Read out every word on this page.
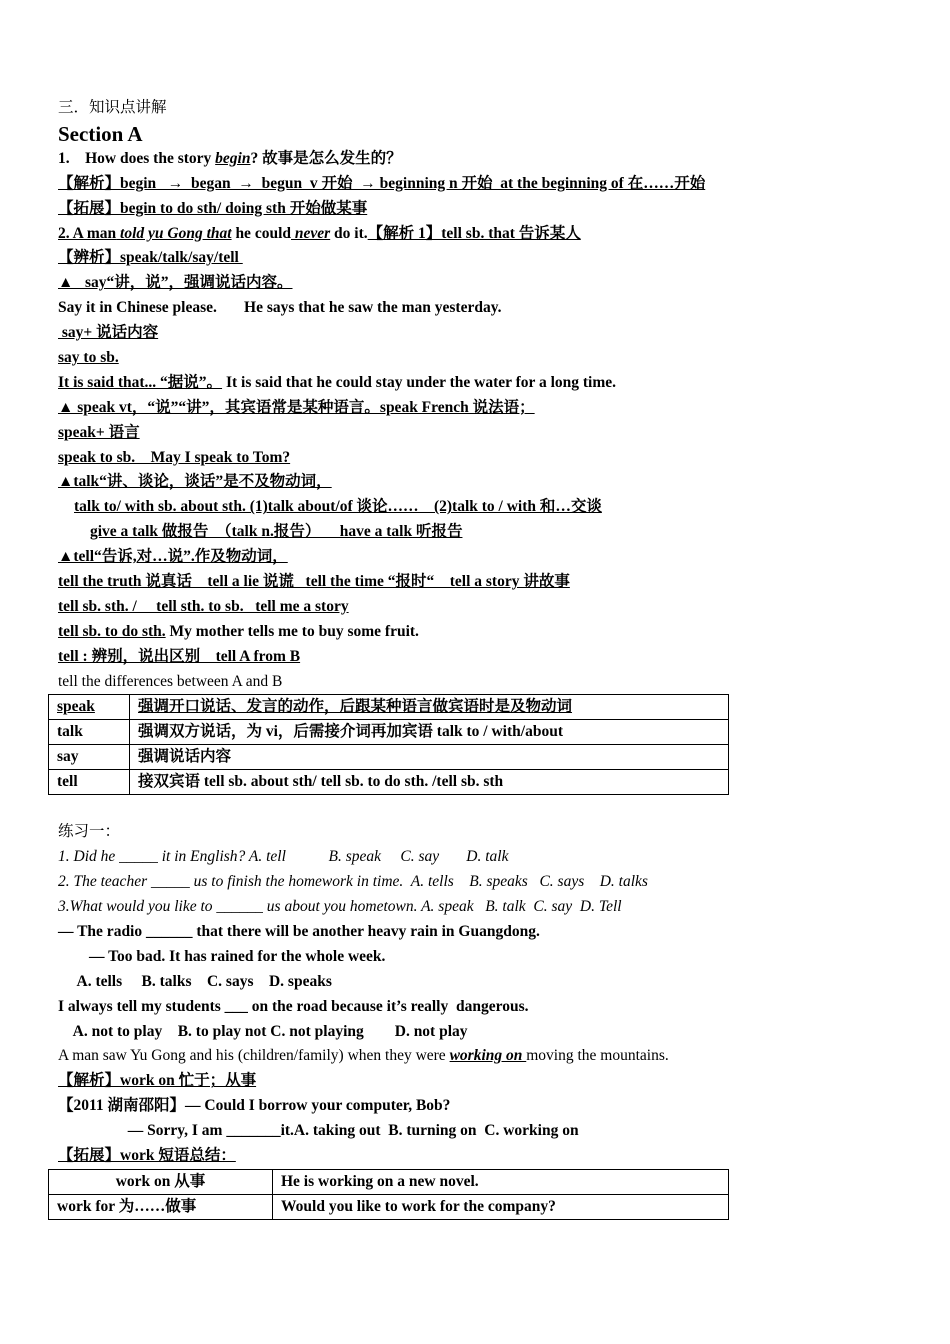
三．知识点讲解
Section A
1.    How does the story begin? 故事是怎么发生的？
【解析】begin   →  began  →  begun  v 开始  → beginning n 开始  at the beginning of 在……开始
【拓展】begin to do sth/ doing sth 开始做某事
2. A man told yu Gong that he could never do it.【解析 1】tell sb. that 告诉某人
【辨析】speak/talk/say/tell
▲   say“讲，说”，强调说话内容。
Say it in Chinese please.       He says that he saw the man yesterday.
say+ 说话内容
say to sb.
It is said that... “据说”。 It is said that he could stay under the water for a long time.
▲ speak vt，“说”“讲”，其宾语常是某种语言。speak French 说法语；
speak+ 语言
speak to sb.    May I speak to Tom?
▲talk“讲、谈论，谈话”是不及物动词，
talk to/ with sb. about sth. (1)talk about/of 谈论……    (2)talk to / with 和…交谈
give a talk 做报告  （talk n.报告）     have a talk 听报告
▲tell“告诉,对…说”.作及物动词，
tell the truth 说真话    tell a lie 说谎   tell the time “报时“    tell a story 讲故事
tell sb. sth. /     tell sth. to sb.   tell me a story
tell sb. to do sth. My mother tells me to buy some fruit.
tell : 辨别，说出区别    tell A from B
tell the differences between A and B
speak	强调开口说话、发言的动作，后跟某种语言做宾语时是及物动词
talk	强调双方说话，为 vi，后需接介词再加宾语 talk to / with/about
say	强调说话内容
tell	接双宾语 tell sb. about sth/ tell sb. to do sth. /tell sb. sth
练习一：
1. Did he _____ it in English? A. tell           B. speak     C. say       D. talk
2. The teacher _____ us to finish the homework in time.  A. tells    B. speaks   C. says    D. talks
3.What would you like to ______ us about you hometown. A. speak   B. talk  C. say  D. Tell
— The radio ______ that there will be another heavy rain in Guangdong.
— Too bad. It has rained for the whole week.
A. tells     B. talks    C. says    D. speaks
I always tell my students ___ on the road because it’s really  dangerous.
A. not to play    B. to play not C. not playing        D. not play
A man saw Yu Gong and his (children/family) when they were working on moving the mountains.
【解析】work on 忙于；从事
【2011 湖南邵阳】— Could I borrow your computer, Bob?
— Sorry, I am _______it.A. taking out  B. turning on  C. working on
【拓展】work 短语总结：
work on 从事	He is working on a new novel.
work for 为……做事	Would you like to work for the company?
